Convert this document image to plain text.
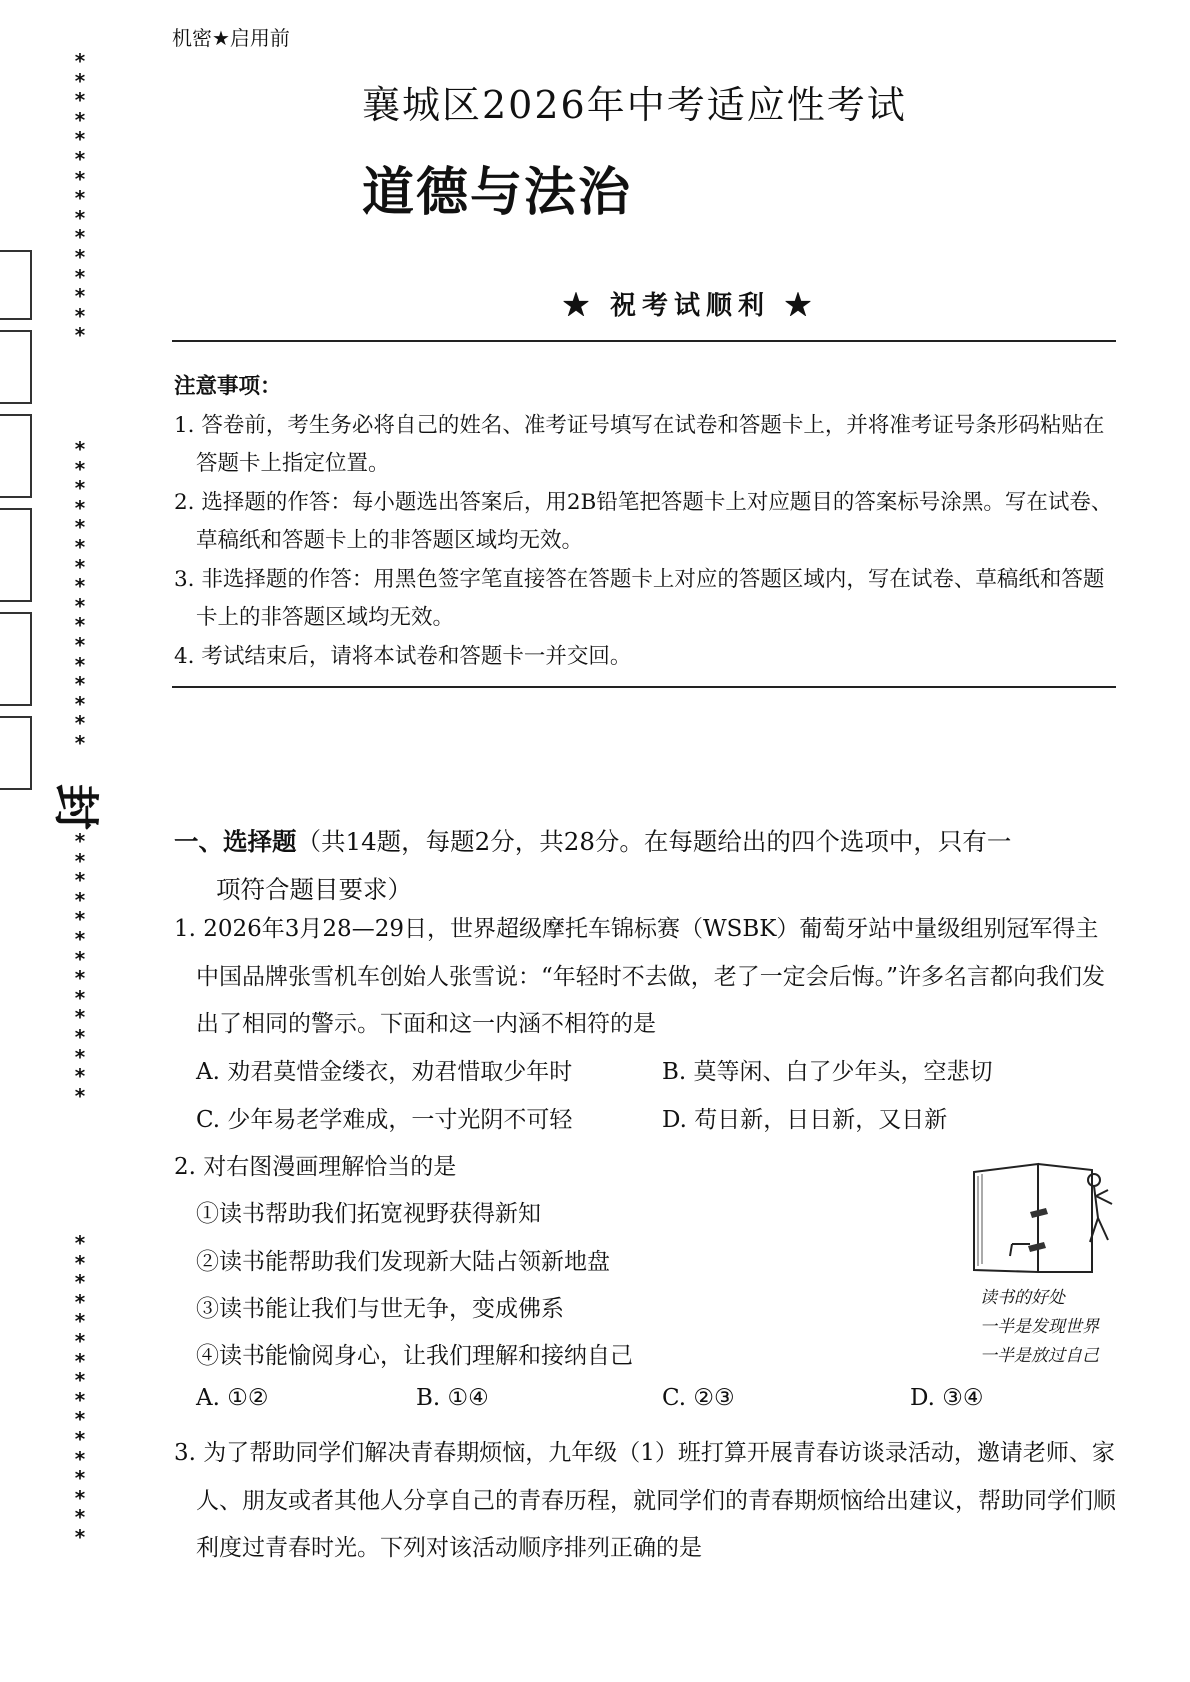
*
*
*
*
*
*
*
*
*
*
*
*
*
*
*
*
*
*
*
*
*
*
*
*
*
*
*
*
*
*
*
封
*
*
*
*
*
*
*
*
*
*
*
*
*
*
*
*
*
*
*
*
*
*
*
*
*
*
*
*
*
*
机密★启用前
襄城区2026年中考适应性考试
道德与法治
★ 祝考试顺利 ★
注意事项：
1. 答卷前，考生务必将自己的姓名、准考证号填写在试卷和答题卡上，并将准考证号条形码粘贴在答题卡上指定位置。
2. 选择题的作答：每小题选出答案后，用2B铅笔把答题卡上对应题目的答案标号涂黑。写在试卷、草稿纸和答题卡上的非答题区域均无效。
3. 非选择题的作答：用黑色签字笔直接答在答题卡上对应的答题区域内，写在试卷、草稿纸和答题卡上的非答题区域均无效。
4. 考试结束后，请将本试卷和答题卡一并交回。
一、选择题（共14题，每题2分，共28分。在每题给出的四个选项中，只有一
项符合题目要求）
1. 2026年3月28—29日，世界超级摩托车锦标赛（WSBK）葡萄牙站中量级组别冠军得主中国品牌张雪机车创始人张雪说：“年轻时不去做，老了一定会后悔。”许多名言都向我们发出了相同的警示。下面和这一内涵不相符的是
A. 劝君莫惜金缕衣，劝君惜取少年时	B. 莫等闲、白了少年头，空悲切
C. 少年易老学难成，一寸光阴不可轻	D. 苟日新，日日新，又日新
2. 对右图漫画理解恰当的是
①读书帮助我们拓宽视野获得新知
②读书能帮助我们发现新大陆占领新地盘
③读书能让我们与世无争，变成佛系
④读书能愉阅身心，让我们理解和接纳自己
A. ①②	B. ①④	C. ②③	D. ③④
读书的好处
一半是发现世界
一半是放过自己
3. 为了帮助同学们解决青春期烦恼，九年级（1）班打算开展青春访谈录活动，邀请老师、家人、朋友或者其他人分享自己的青春历程，就同学们的青春期烦恼给出建议，帮助同学们顺利度过青春时光。下列对该活动顺序排列正确的是
